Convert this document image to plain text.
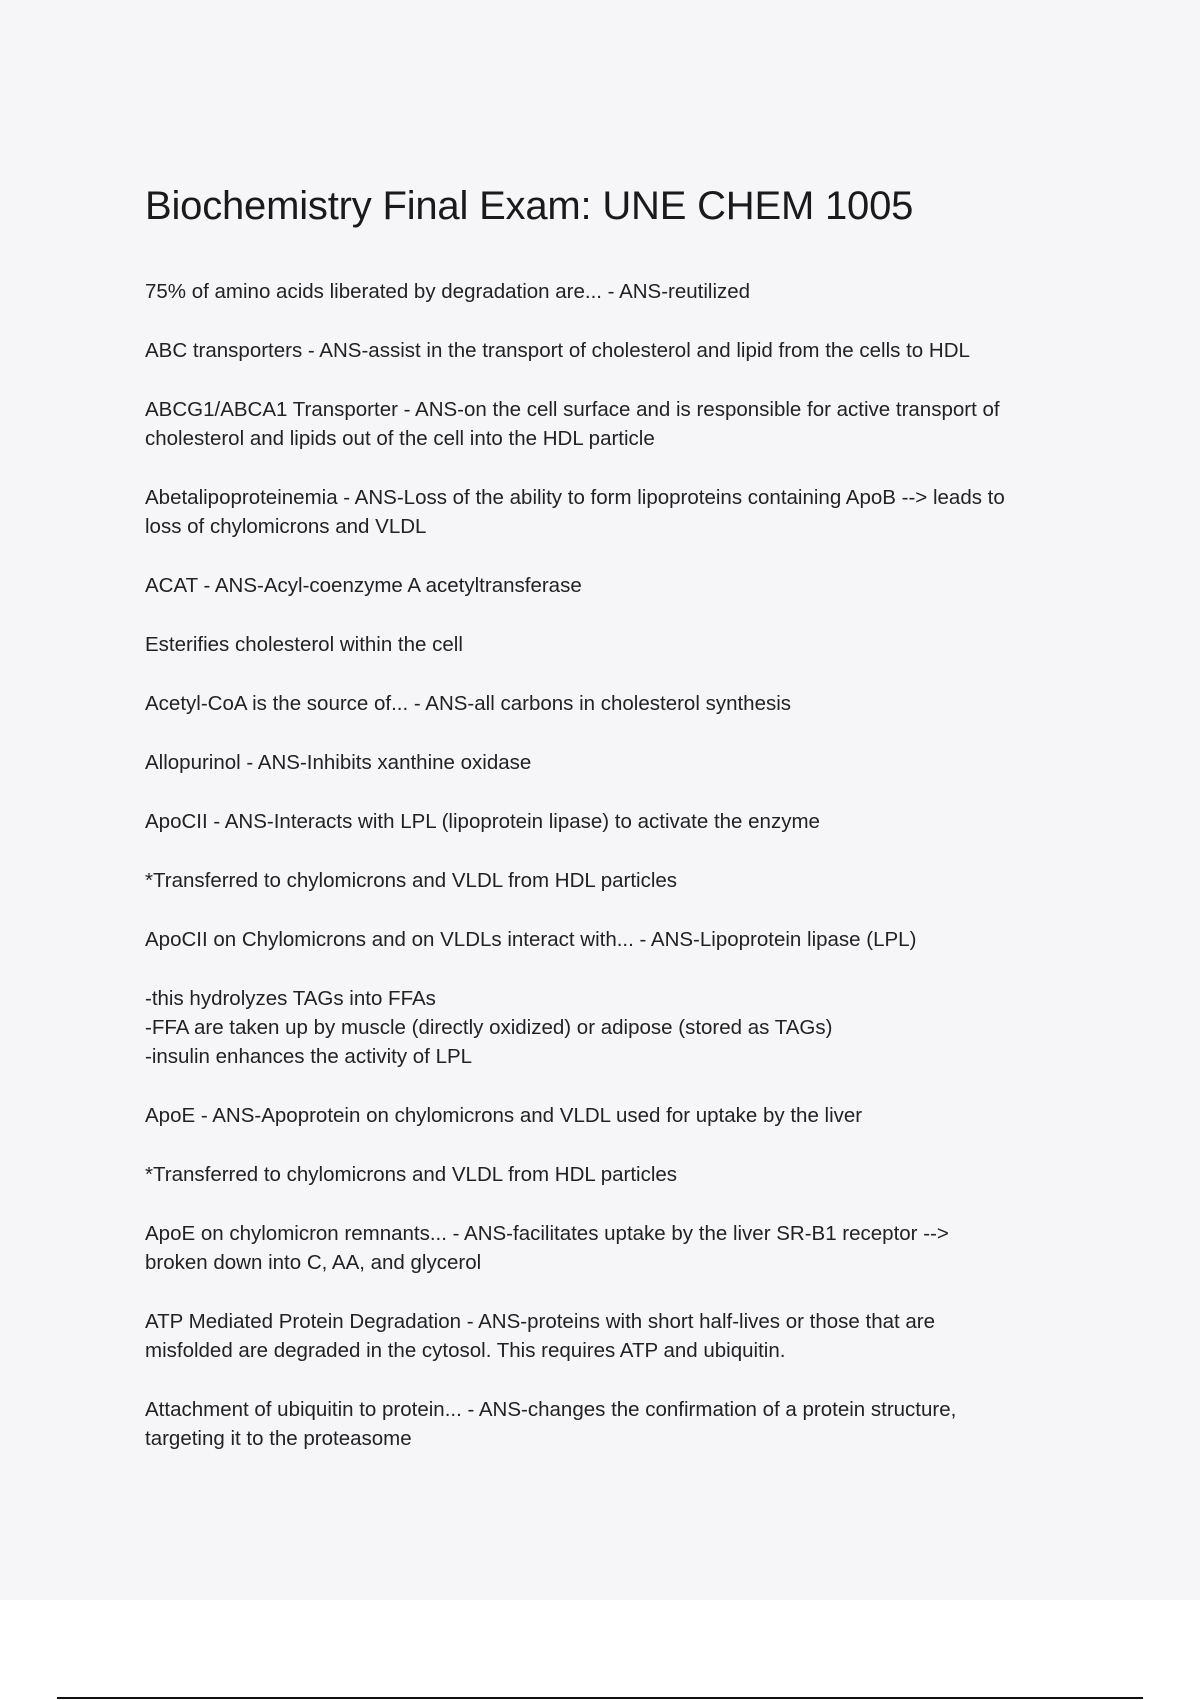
Biochemistry Final Exam: UNE CHEM 1005

75% of amino acids liberated by degradation are... - ANS-reutilized

ABC transporters - ANS-assist in the transport of cholesterol and lipid from the cells to HDL

ABCG1/ABCA1 Transporter - ANS-on the cell surface and is responsible for active transport of
cholesterol and lipids out of the cell into the HDL particle

Abetalipoproteinemia - ANS-Loss of the ability to form lipoproteins containing ApoB --> leads to
loss of chylomicrons and VLDL

ACAT - ANS-Acyl-coenzyme A acetyltransferase

Esterifies cholesterol within the cell

Acetyl-CoA is the source of... - ANS-all carbons in cholesterol synthesis

Allopurinol - ANS-Inhibits xanthine oxidase

ApoCII - ANS-Interacts with LPL (lipoprotein lipase) to activate the enzyme

*Transferred to chylomicrons and VLDL from HDL particles

ApoCII on Chylomicrons and on VLDLs interact with... - ANS-Lipoprotein lipase (LPL)

-this hydrolyzes TAGs into FFAs
-FFA are taken up by muscle (directly oxidized) or adipose (stored as TAGs)
-insulin enhances the activity of LPL

ApoE - ANS-Apoprotein on chylomicrons and VLDL used for uptake by the liver

*Transferred to chylomicrons and VLDL from HDL particles

ApoE on chylomicron remnants... - ANS-facilitates uptake by the liver SR-B1 receptor -->
broken down into C, AA, and glycerol

ATP Mediated Protein Degradation - ANS-proteins with short half-lives or those that are
misfolded are degraded in the cytosol. This requires ATP and ubiquitin.

Attachment of ubiquitin to protein... - ANS-changes the confirmation of a protein structure,
targeting it to the proteasome
